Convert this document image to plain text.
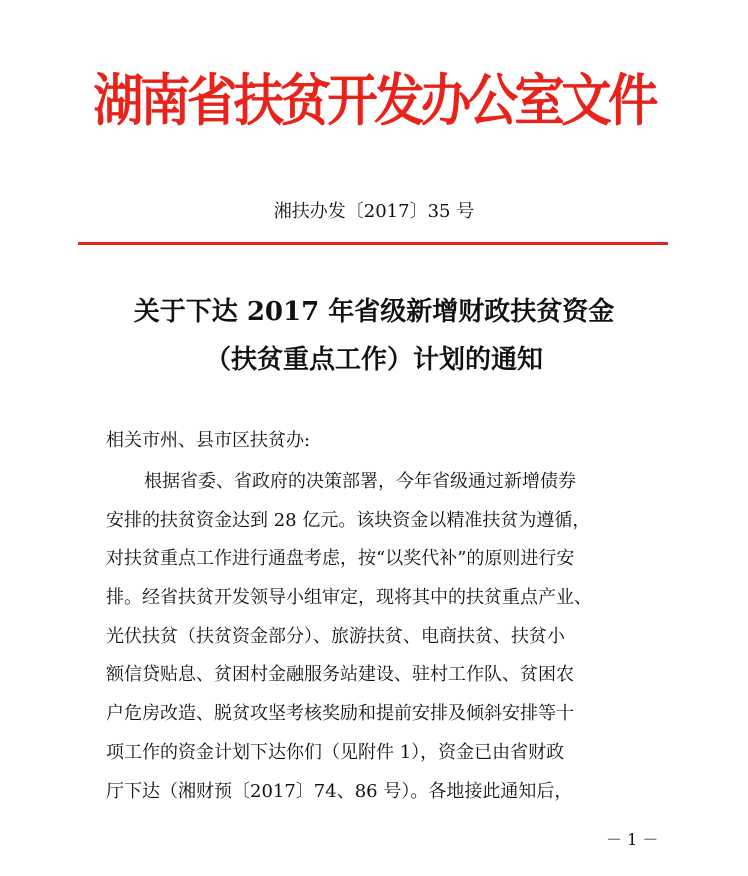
湖南省扶贫开发办公室文件
湘扶办发〔2017〕35 号
关于下达 2017 年省级新增财政扶贫资金
（扶贫重点工作）计划的通知
相关市州、县市区扶贫办:
根据省委、省政府的决策部署，今年省级通过新增债券
安排的扶贫资金达到 28 亿元。该块资金以精准扶贫为遵循，
对扶贫重点工作进行通盘考虑，按“以奖代补”的原则进行安
排。经省扶贫开发领导小组审定，现将其中的扶贫重点产业、
光伏扶贫（扶贫资金部分）、旅游扶贫、电商扶贫、扶贫小
额信贷贴息、贫困村金融服务站建设、驻村工作队、贫困农
户危房改造、脱贫攻坚考核奖励和提前安排及倾斜安排等十
项工作的资金计划下达你们（见附件 1），资金已由省财政
厅下达（湘财预〔2017〕74、86 号）。各地接此通知后，
－ 1 －
